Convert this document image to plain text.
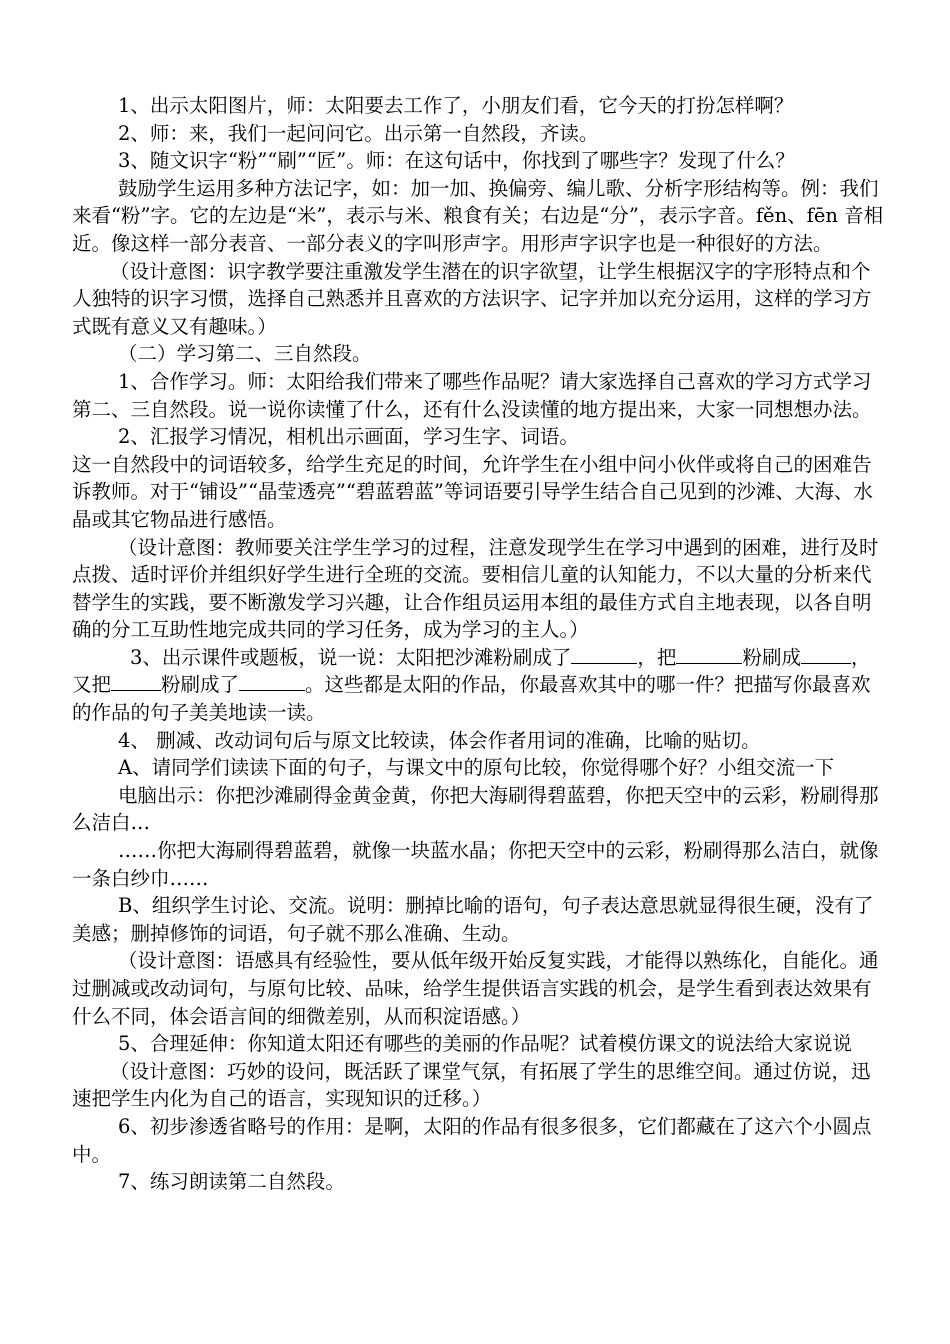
1、出示太阳图片，师：太阳要去工作了，小朋友们看，它今天的打扮怎样啊？

2、师：来，我们一起问问它。出示第一自然段，齐读。

3、随文识字“粉”“刷”“匠”。师：在这句话中，你找到了哪些字？发现了什么？

鼓励学生运用多种方法记字，如：加一加、换偏旁、编儿歌、分析字形结构等。例：我们来看“粉”字。它的左边是“米”，表示与米、粮食有关；右边是“分”，表示字音。fěn、fēn 音相近。像这样一部分表音、一部分表义的字叫形声字。用形声字识字也是一种很好的方法。

（设计意图：识字教学要注重激发学生潜在的识字欲望，让学生根据汉字的字形特点和个人独特的识字习惯，选择自己熟悉并且喜欢的方法识字、记字并加以充分运用，这样的学习方式既有意义又有趣味。）

（二）学习第二、三自然段。

1、合作学习。师：太阳给我们带来了哪些作品呢？请大家选择自己喜欢的学习方式学习第二、三自然段。说一说你读懂了什么，还有什么没读懂的地方提出来，大家一同想想办法。

2、汇报学习情况，相机出示画面，学习生字、词语。

这一自然段中的词语较多，给学生充足的时间，允许学生在小组中问小伙伴或将自己的困难告诉教师。对于“铺设”“晶莹透亮”“碧蓝碧蓝”等词语要引导学生结合自己见到的沙滩、大海、水晶或其它物品进行感悟。

（设计意图：教师要关注学生学习的过程，注意发现学生在学习中遇到的困难，进行及时点拨、适时评价并组织好学生进行全班的交流。要相信儿童的认知能力，不以大量的分析来代替学生的实践，要不断激发学习兴趣，让合作组员运用本组的最佳方式自主地表现，以各自明确的分工互助性地完成共同的学习任务，成为学习的主人。）

3、出示课件或题板，说一说：太阳把沙滩粉刷成了	，把	粉刷成	，又把	粉刷成了	。这些都是太阳的作品，你最喜欢其中的哪一件？把描写你最喜欢的作品的句子美美地读一读。

4、 删减、改动词句后与原文比较读，体会作者用词的准确，比喻的贴切。

A、请同学们读读下面的句子，与课文中的原句比较，你觉得哪个好？小组交流一下

电脑出示：你把沙滩刷得金黄金黄，你把大海刷得碧蓝碧，你把天空中的云彩，粉刷得那么洁白…

……你把大海刷得碧蓝碧，就像一块蓝水晶；你把天空中的云彩，粉刷得那么洁白，就像一条白纱巾……

B、组织学生讨论、交流。说明：删掉比喻的语句，句子表达意思就显得很生硬，没有了美感；删掉修饰的词语，句子就不那么准确、生动。

（设计意图：语感具有经验性，要从低年级开始反复实践，才能得以熟练化，自能化。通过删减或改动词句，与原句比较、品味，给学生提供语言实践的机会，是学生看到表达效果有什么不同，体会语言间的细微差别，从而积淀语感。）

5、合理延伸：你知道太阳还有哪些的美丽的作品呢？试着模仿课文的说法给大家说说

（设计意图：巧妙的设问，既活跃了课堂气氛，有拓展了学生的思维空间。通过仿说，迅速把学生内化为自己的语言，实现知识的迁移。）

6、初步渗透省略号的作用：是啊，太阳的作品有很多很多，它们都藏在了这六个小圆点中。

7、练习朗读第二自然段。
